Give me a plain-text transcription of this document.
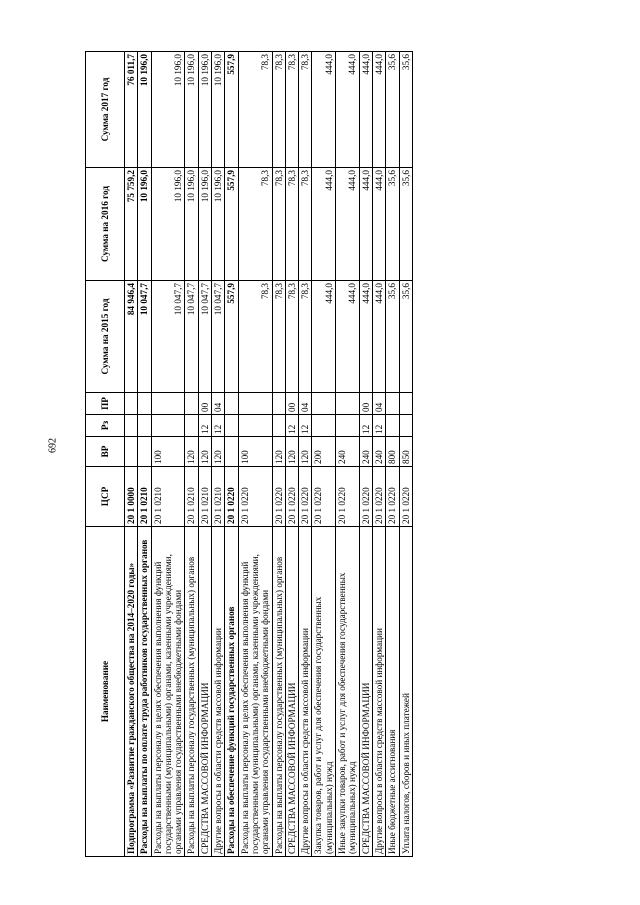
692
Наименование	ЦСР	ВР	Рз	ПР	Сумма на 2015 год	Сумма на 2016 год	Сумма 2017 год
Подпрограмма «Развитие гражданского общества на 2014–2020 годы»	20 1 0000				84 946,4	75 759,2	76 011,7
Расходы на выплаты по оплате труда работников государственных органов	20 1 0210				10 047,7	10 196,0	10 196,0
Расходы на выплаты персоналу в целях обеспечения выполнения функций государственными (муниципальными) органами, казенными учреждениями, органами управления государственными внебюджетными фондами	20 1 0210	100			10 047,7	10 196,0	10 196,0
Расходы на выплаты персоналу государственных (муниципальных) органов	20 1 0210	120			10 047,7	10 196,0	10 196,0
СРЕДСТВА МАССОВОЙ ИНФОРМАЦИИ	20 1 0210	120	12	00	10 047,7	10 196,0	10 196,0
Другие вопросы в области средств массовой информации	20 1 0210	120	12	04	10 047,7	10 196,0	10 196,0
Расходы на обеспечение функций государственных органов	20 1 0220				557,9	557,9	557,9
Расходы на выплаты персоналу в целях обеспечения выполнения функций государственными (муниципальными) органами, казенными учреждениями, органами управления государственными внебюджетными фондами	20 1 0220	100			78,3	78,3	78,3
Расходы на выплаты персоналу государственных (муниципальных) органов	20 1 0220	120			78,3	78,3	78,3
СРЕДСТВА МАССОВОЙ ИНФОРМАЦИИ	20 1 0220	120	12	00	78,3	78,3	78,3
Другие вопросы в области средств массовой информации	20 1 0220	120	12	04	78,3	78,3	78,3
Закупка товаров, работ и услуг для обеспечения государственных (муниципальных) нужд	20 1 0220	200			444,0	444,0	444,0
Иные закупки товаров, работ и услуг для обеспечения государственных (муниципальных) нужд	20 1 0220	240			444,0	444,0	444,0
СРЕДСТВА МАССОВОЙ ИНФОРМАЦИИ	20 1 0220	240	12	00	444,0	444,0	444,0
Другие вопросы в области средств массовой информации	20 1 0220	240	12	04	444,0	444,0	444,0
Иные бюджетные ассигнования	20 1 0220	800			35,6	35,6	35,6
Уплата налогов, сборов и иных платежей	20 1 0220	850			35,6	35,6	35,6
